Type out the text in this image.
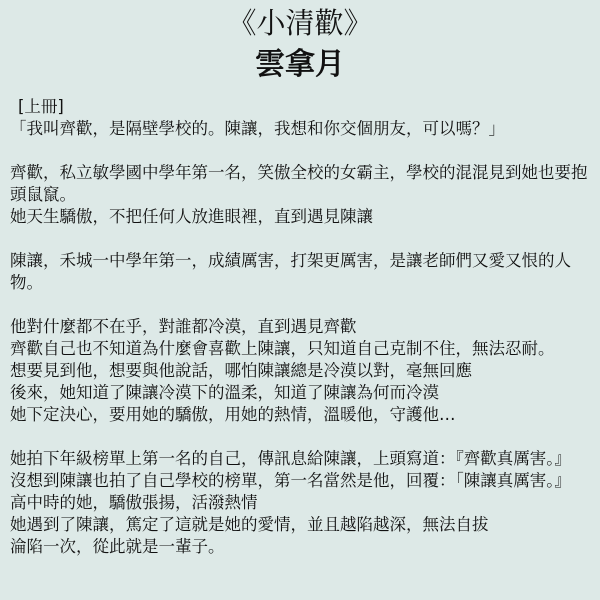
《小清歡》
雲拿月

[上冊]

「我叫齊歡，是隔壁學校的。陳讓，我想和你交個朋友，可以嗎？」

齊歡，私立敏學國中學年第一名，笑傲全校的女霸主，學校的混混見到她也要抱頭鼠竄。

她天生驕傲，不把任何人放進眼裡，直到遇見陳讓

陳讓，禾城一中學年第一，成績厲害，打架更厲害，是讓老師們又愛又恨的人物。

他對什麼都不在乎，對誰都冷漠，直到遇見齊歡

齊歡自己也不知道為什麼會喜歡上陳讓，只知道自己克制不住，無法忍耐。

想要見到他，想要與他說話，哪怕陳讓總是冷漠以對，毫無回應

後來，她知道了陳讓冷漠下的溫柔，知道了陳讓為何而冷漠

她下定決心，要用她的驕傲，用她的熱情，溫暖他，守護他…

她拍下年級榜單上第一名的自己，傳訊息給陳讓，上頭寫道：『齊歡真厲害。』

沒想到陳讓也拍了自己學校的榜單，第一名當然是他，回覆：「陳讓真厲害。』

高中時的她，驕傲張揚，活潑熱情

她遇到了陳讓，篤定了這就是她的愛情，並且越陷越深，無法自拔

淪陷一次，從此就是一輩子。
